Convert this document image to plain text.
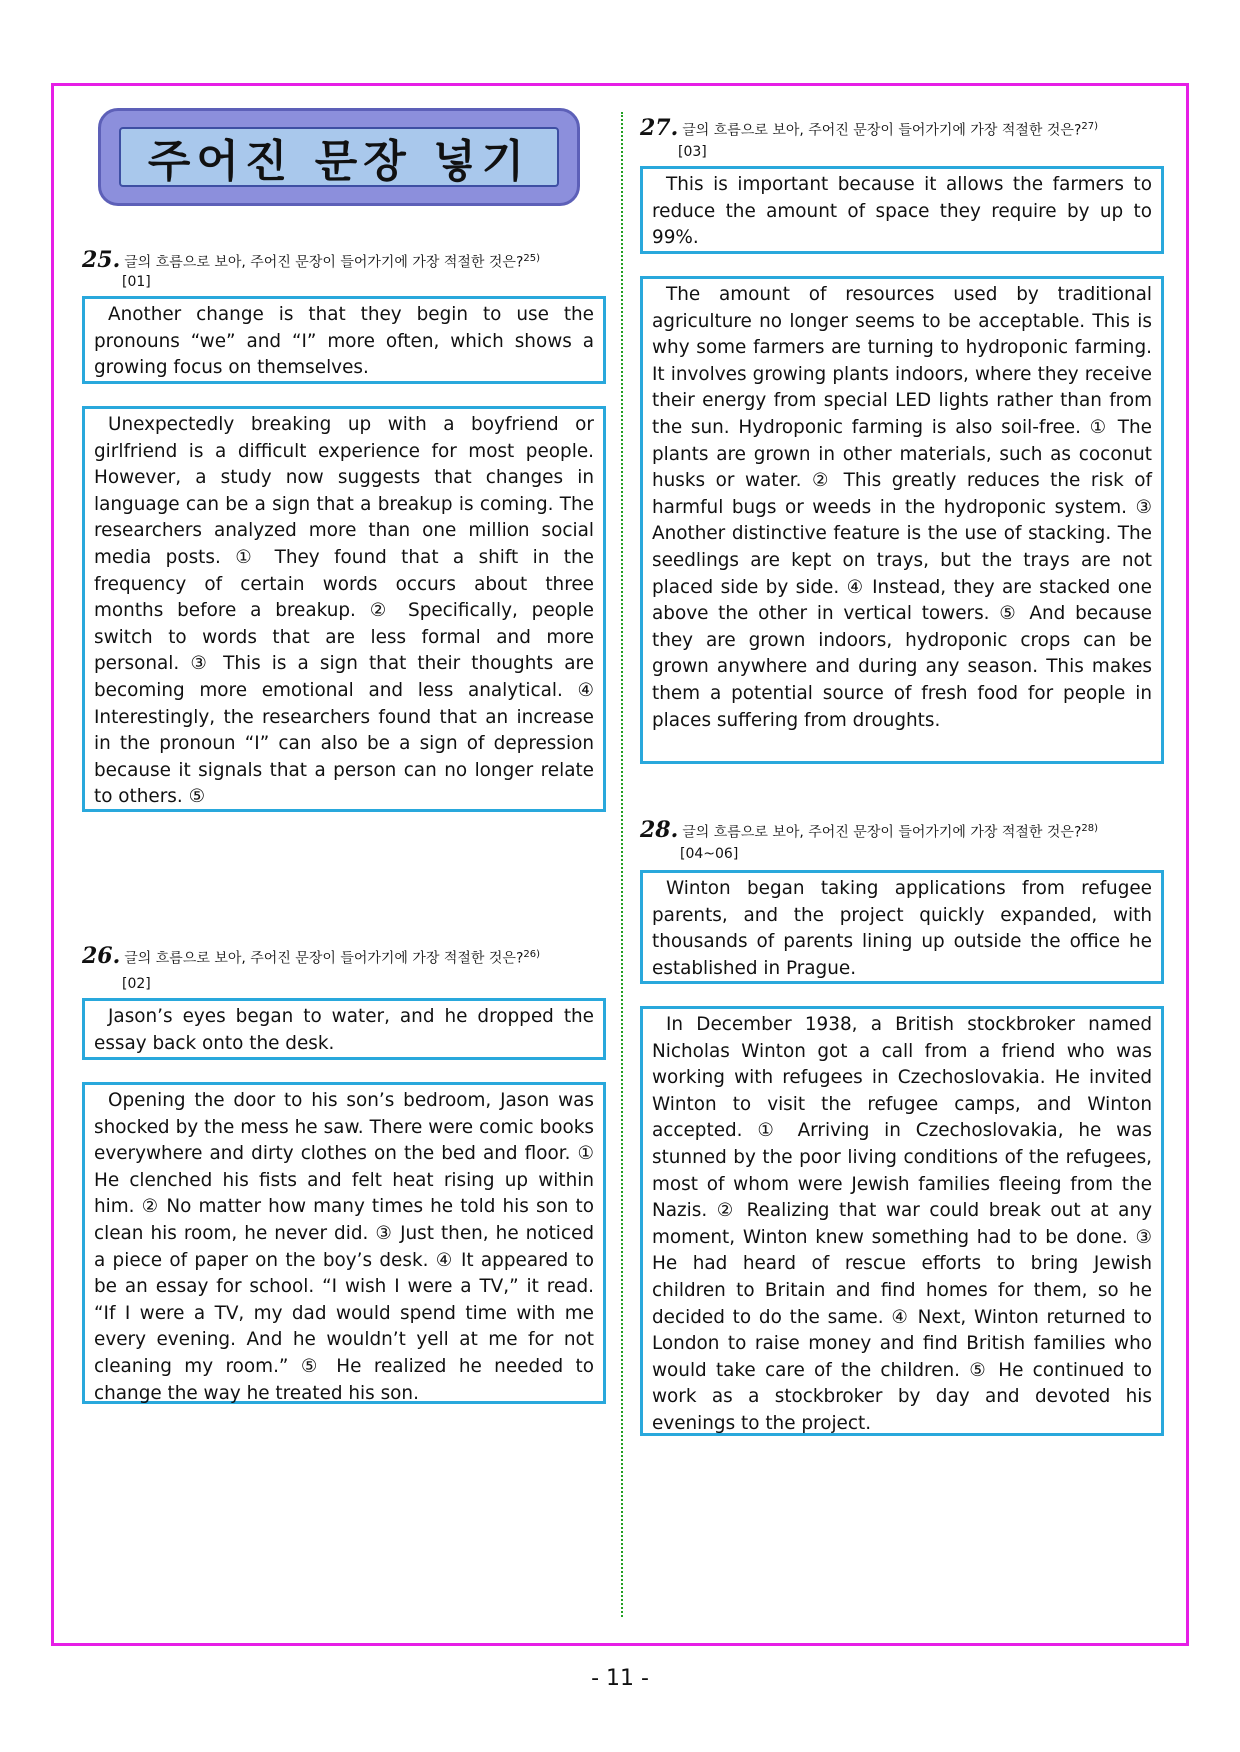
주어진 문장 넣기
25. 글의 흐름으로 보아, 주어진 문장이 들어가기에 가장 적절한 것은?$^{25)}$
[01]

Another change is that they begin to use the pronouns “we” and “I” more often, which shows a growing focus on themselves.

Unexpectedly breaking up with a boyfriend or girlfriend is a difficult experience for most people. However, a study now suggests that changes in language can be a sign that a breakup is coming. The researchers analyzed more than one million social media posts. ① They found that a shift in the frequency of certain words occurs about three months before a breakup. ② Specifically, people switch to words that are less formal and more personal. ③ This is a sign that their thoughts are becoming more emotional and less analytical. ④ Interestingly, the researchers found that an increase in the pronoun “I” can also be a sign of depression because it signals that a person can no longer relate to others. ⑤

26. 글의 흐름으로 보아, 주어진 문장이 들어가기에 가장 적절한 것은?$^{26)}$
[02]

Jason’s eyes began to water, and he dropped the essay back onto the desk.

Opening the door to his son’s bedroom, Jason was shocked by the mess he saw. There were comic books everywhere and dirty clothes on the bed and floor. ① He clenched his fists and felt heat rising up within him. ② No matter how many times he told his son to clean his room, he never did. ③ Just then, he noticed a piece of paper on the boy’s desk. ④ It appeared to be an essay for school. “I wish I were a TV,” it read. “If I were a TV, my dad would spend time with me every evening. And he wouldn’t yell at me for not cleaning my room.” ⑤ He realized he needed to change the way he treated his son.

27. 글의 흐름으로 보아, 주어진 문장이 들어가기에 가장 적절한 것은?$^{27)}$
[03]

This is important because it allows the farmers to reduce the amount of space they require by up to 99%.

The amount of resources used by traditional agriculture no longer seems to be acceptable. This is why some farmers are turning to hydroponic farming. It involves growing plants indoors, where they receive their energy from special LED lights rather than from the sun. Hydroponic farming is also soil-free. ① The plants are grown in other materials, such as coconut husks or water. ② This greatly reduces the risk of harmful bugs or weeds in the hydroponic system. ③ Another distinctive feature is the use of stacking. The seedlings are kept on trays, but the trays are not placed side by side. ④ Instead, they are stacked one above the other in vertical towers. ⑤ And because they are grown indoors, hydroponic crops can be grown anywhere and during any season. This makes them a potential source of fresh food for people in places suffering from droughts.

28. 글의 흐름으로 보아, 주어진 문장이 들어가기에 가장 적절한 것은?$^{28)}$
[04~06]

Winton began taking applications from refugee parents, and the project quickly expanded, with thousands of parents lining up outside the office he established in Prague.

In December 1938, a British stockbroker named Nicholas Winton got a call from a friend who was working with refugees in Czechoslovakia. He invited Winton to visit the refugee camps, and Winton accepted. ① Arriving in Czechoslovakia, he was stunned by the poor living conditions of the refugees, most of whom were Jewish families fleeing from the Nazis. ② Realizing that war could break out at any moment, Winton knew something had to be done. ③ He had heard of rescue efforts to bring Jewish children to Britain and find homes for them, so he decided to do the same. ④ Next, Winton returned to London to raise money and find British families who would take care of the children. ⑤ He continued to work as a stockbroker by day and devoted his evenings to the project.

- 11 -
